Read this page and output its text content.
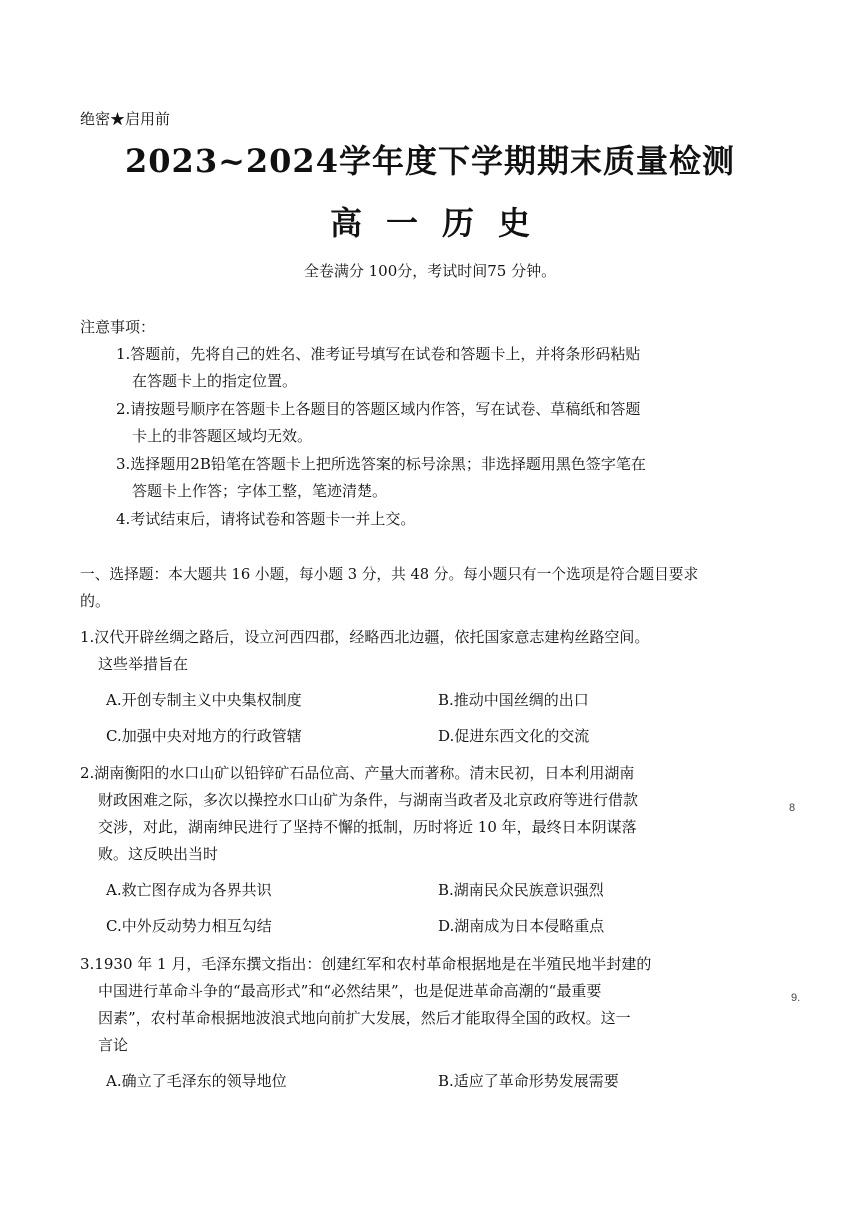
绝密★启用前
2023~2024学年度下学期期末质量检测
高 一 历 史
全卷满分 100分，考试时间75 分钟。
注意事项：
1.答题前，先将自己的姓名、准考证号填写在试卷和答题卡上，并将条形码粘贴
在答题卡上的指定位置。
2.请按题号顺序在答题卡上各题目的答题区域内作答，写在试卷、草稿纸和答题
卡上的非答题区域均无效。
3.选择题用2B铅笔在答题卡上把所选答案的标号涂黑；非选择题用黑色签字笔在
答题卡上作答；字体工整，笔迹清楚。
4.考试结束后，请将试卷和答题卡一并上交。
一、选择题：本大题共 16 小题，每小题 3 分，共 48 分。每小题只有一个选项是符合题目要求
的。
1.汉代开辟丝绸之路后，设立河西四郡，经略西北边疆，依托国家意志建构丝路空间。
这些举措旨在
A.开创专制主义中央集权制度	B.推动中国丝绸的出口
C.加强中央对地方的行政管辖	D.促进东西文化的交流
2.湖南衡阳的水口山矿以铅锌矿石品位高、产量大而著称。清末民初，日本利用湖南
财政困难之际，多次以操控水口山矿为条件，与湖南当政者及北京政府等进行借款
交涉，对此，湖南绅民进行了坚持不懈的抵制，历时将近 10 年，最终日本阴谋落
败。这反映出当时
A.救亡图存成为各界共识	B.湖南民众民族意识强烈
C.中外反动势力相互勾结	D.湖南成为日本侵略重点
3.1930 年 1 月，毛泽东撰文指出：创建红军和农村革命根据地是在半殖民地半封建的
中国进行革命斗争的“最高形式”和“必然结果”，也是促进革命高潮的“最重要
因素”，农村革命根据地波浪式地向前扩大发展，然后才能取得全国的政权。这一
言论
A.确立了毛泽东的领导地位	B.适应了革命形势发展需要
8
9.
